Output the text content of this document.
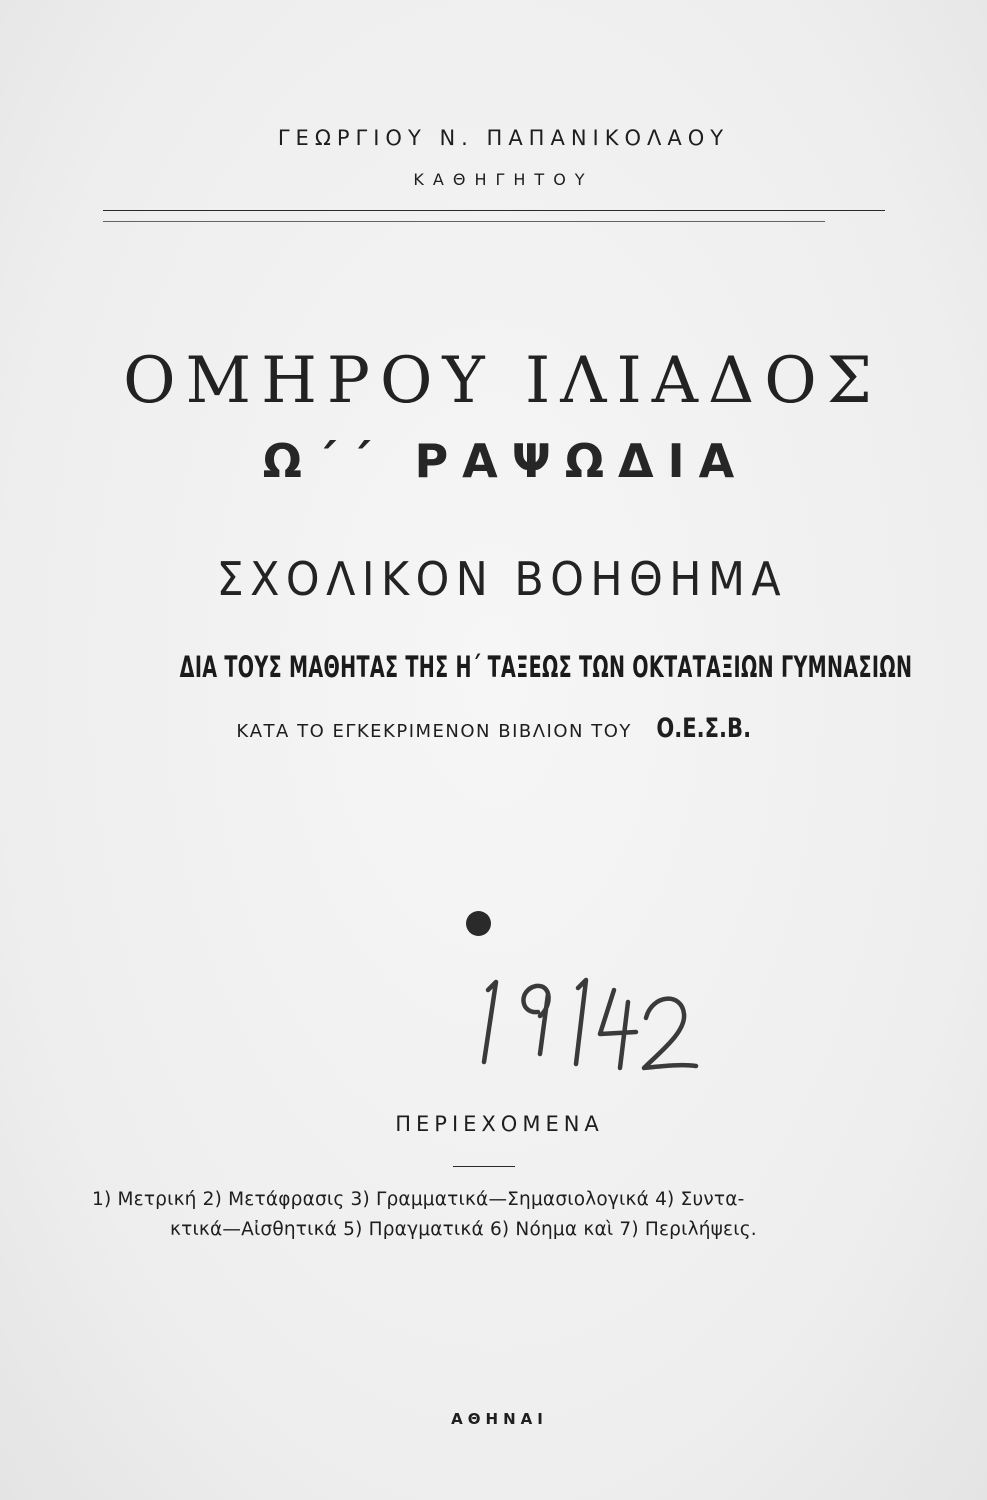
ΓΕΩΡΓΙΟΥ Ν. ΠΑΠΑΝΙΚΟΛΑΟΥ
ΚΑΘΗΓΗΤΟΥ
ΟΜΗΡΟΥ ΙΛΙΑΔΟΣ
Ω΄΄ ΡΑΨΩΔΙΑ
ΣΧΟΛΙΚΟΝ ΒΟΗΘΗΜΑ
ΔΙΑ ΤΟΥΣ ΜΑΘΗΤΑΣ ΤΗΣ Η΄ ΤΑΞΕΩΣ ΤΩΝ ΟΚΤΑΤΑΞΙΩΝ ΓΥΜΝΑΣΙΩΝ
ΚΑΤΑ ΤΟ ΕΓΚΕΚΡΙΜΕΝΟΝ ΒΙΒΛΙΟΝ ΤΟΥ Ο.Ε.Σ.Β.
ΠΕΡΙΕΧΟΜΕΝΑ
1) Μετρική 2) Μετάφρασις 3) Γραμματικά—Σημασιολογικά 4) Συντα-
κτικά—Αἰσθητικά 5) Πραγματικά 6) Νόημα καὶ 7) Περιλήψεις.
ΑΘΗΝΑΙ
